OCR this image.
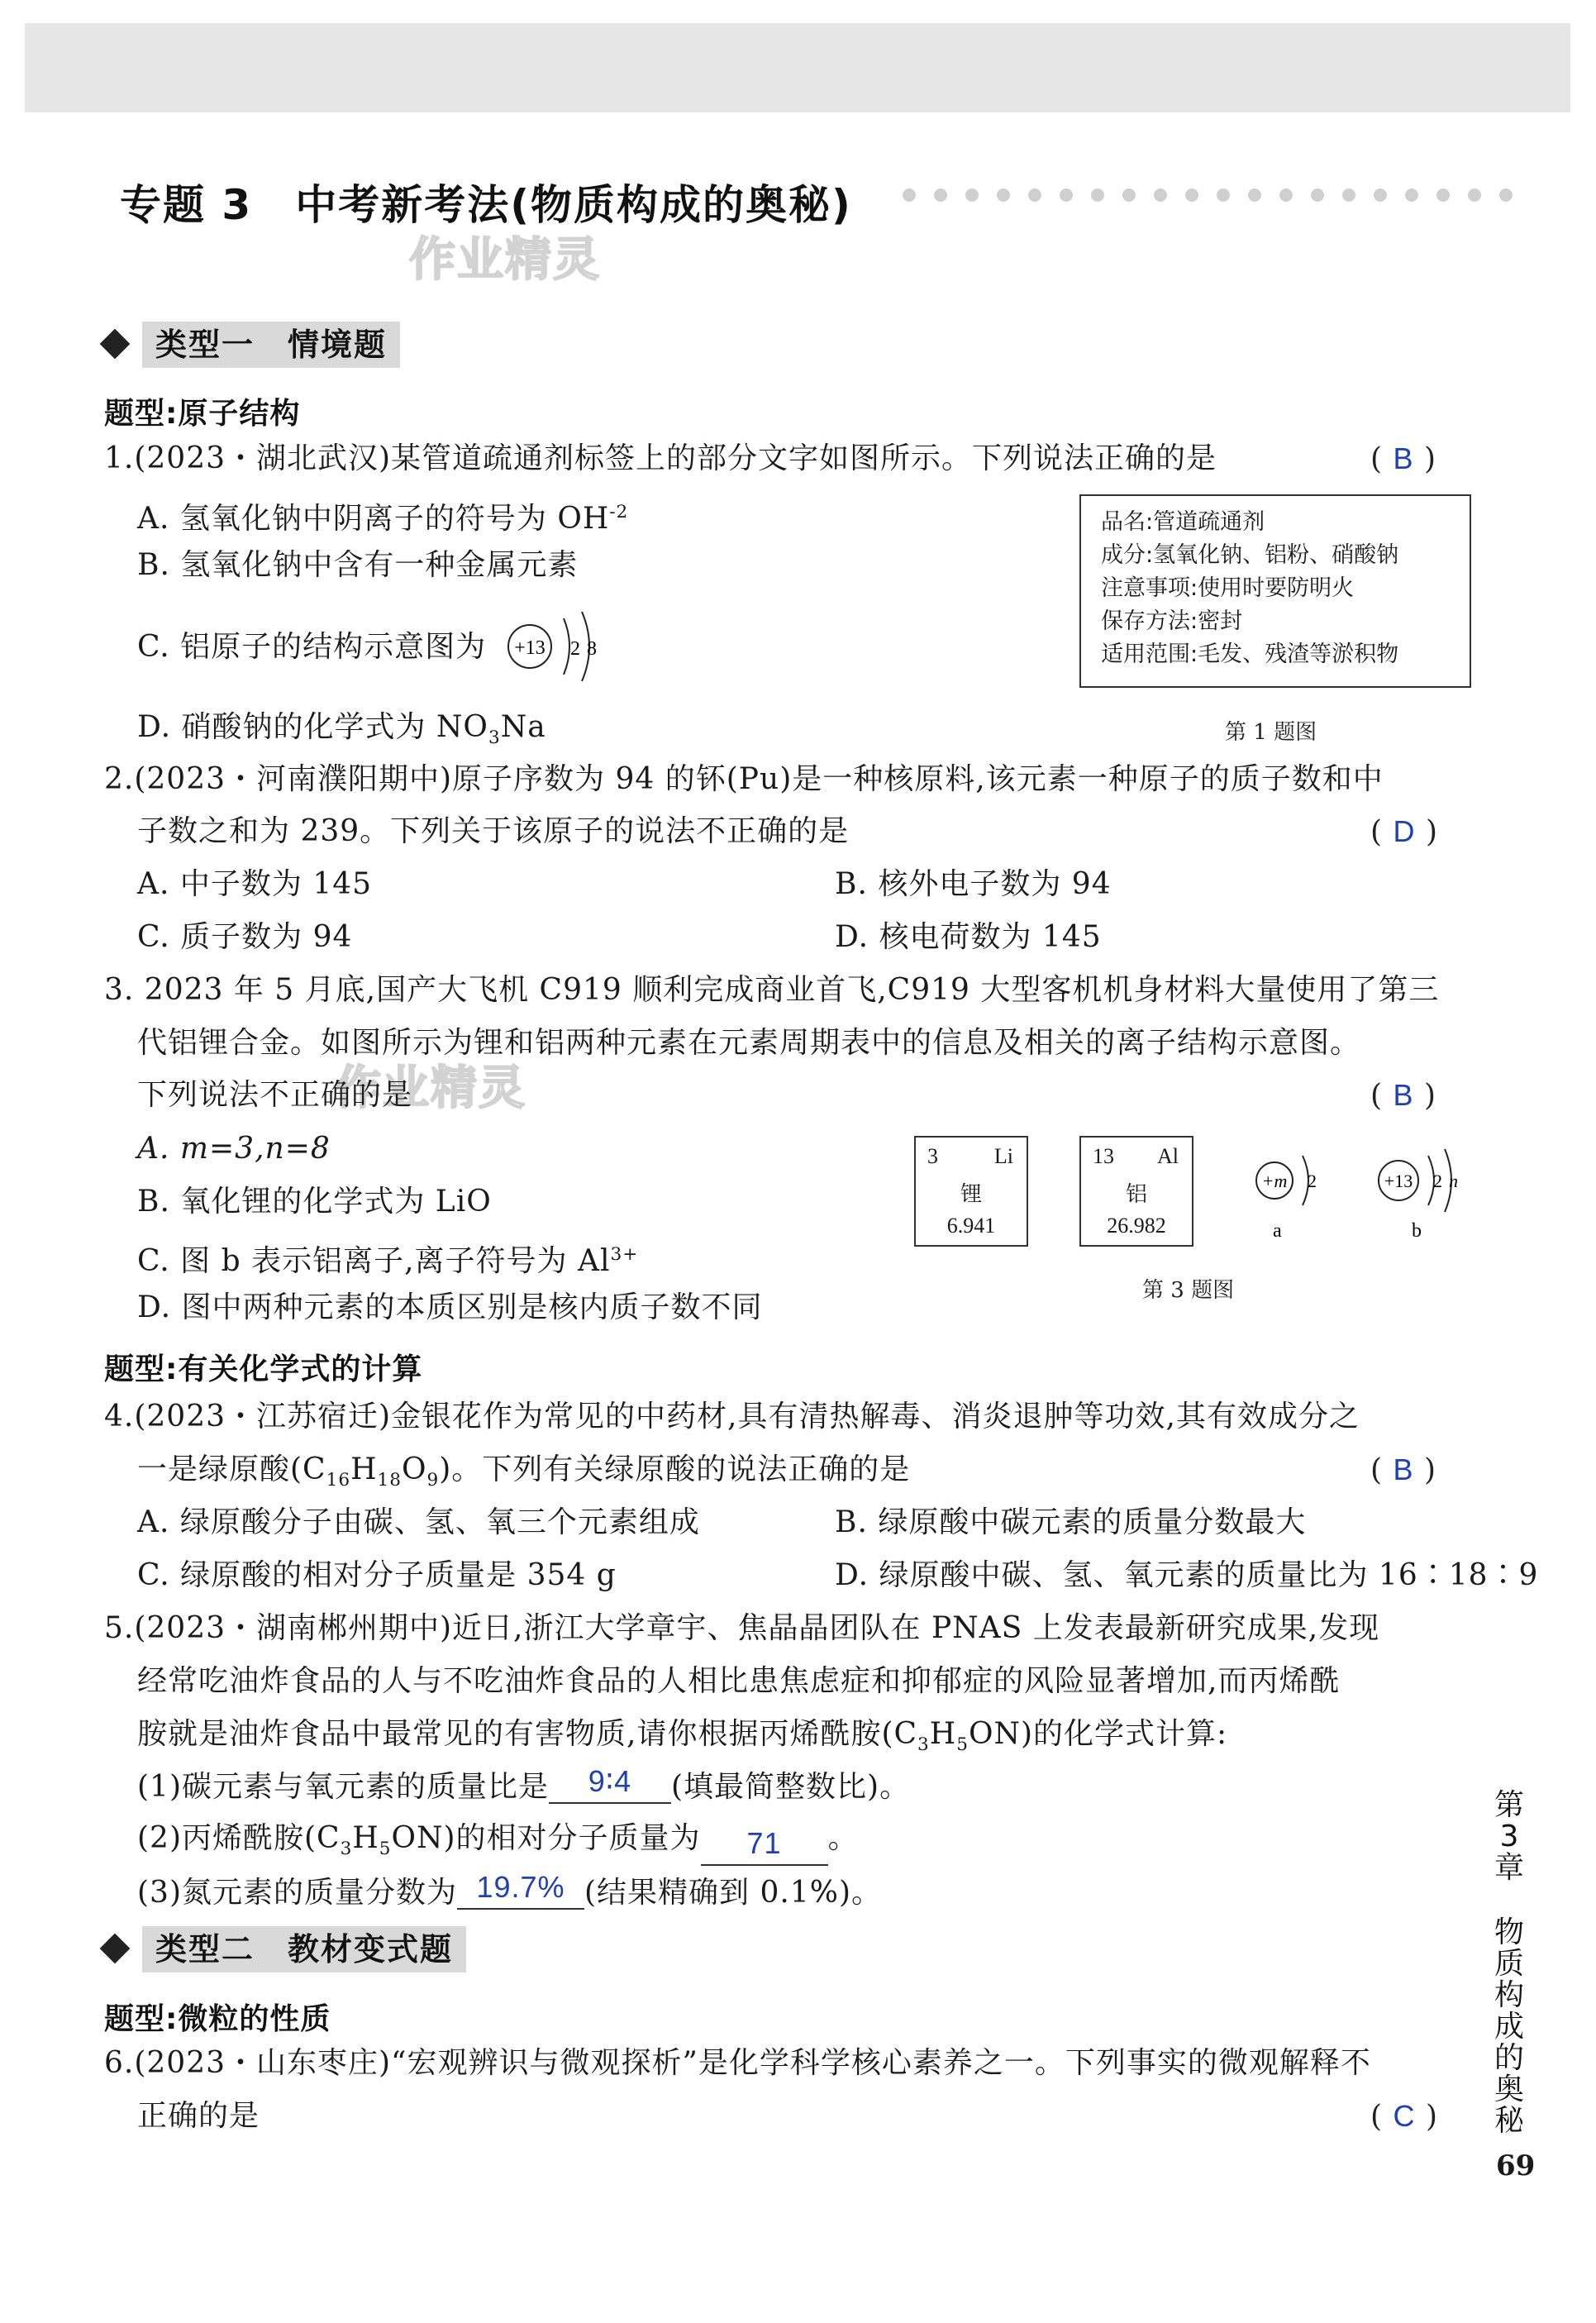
专题 3　中考新考法(物质构成的奥秘)
作业精灵
作业精灵
类型一　情境题
题型:原子结构
1.(2023・湖北武汉)某管道疏通剂标签上的部分文字如图所示。下列说法正确的是	( B )
A. 氢氧化钠中阴离子的符号为 $OH^{-2}$
B. 氢氧化钠中含有一种金属元素
C. 铝原子的结构示意图为 +13 2 8
D. 硝酸钠的化学式为 $NO_3Na$
品名:管道疏通剂
成分:氢氧化钠、铝粉、硝酸钠
注意事项:使用时要防明火
保存方法:密封
适用范围:毛发、残渣等淤积物
第 1 题图
2.(2023・河南濮阳期中)原子序数为 94 的钚(Pu)是一种核原料,该元素一种原子的质子数和中
子数之和为 239。下列关于该原子的说法不正确的是	( D )
A. 中子数为 145	B. 核外电子数为 94
C. 质子数为 94	D. 核电荷数为 145
3. 2023 年 5 月底,国产大飞机 C919 顺利完成商业首飞,C919 大型客机机身材料大量使用了第三
代铝锂合金。如图所示为锂和铝两种元素在元素周期表中的信息及相关的离子结构示意图。
下列说法不正确的是	( B )
A. m=3,n=8
B. 氧化锂的化学式为 LiO
C. 图 b 表示铝离子,离子符号为 $Al^{3+}$
D. 图中两种元素的本质区别是核内质子数不同
3	Li
锂
6.941
13 Al
铝
26.982
+m 2
a
+13 2 n
b
第 3 题图
题型:有关化学式的计算
4.(2023・江苏宿迁)金银花作为常见的中药材,具有清热解毒、消炎退肿等功效,其有效成分之
一是绿原酸$(C_{16}H_{18}O_9)$。下列有关绿原酸的说法正确的是	( B )
A. 绿原酸分子由碳、氢、氧三个元素组成	B. 绿原酸中碳元素的质量分数最大
C. 绿原酸的相对分子质量是 354 g	D. 绿原酸中碳、氢、氧元素的质量比为 16∶18∶9
5.(2023・湖南郴州期中)近日,浙江大学章宇、焦晶晶团队在 PNAS 上发表最新研究成果,发现
经常吃油炸食品的人与不吃油炸食品的人相比患焦虑症和抑郁症的风险显著增加,而丙烯酰
胺就是油炸食品中最常见的有害物质,请你根据丙烯酰胺$(C_3H_5ON)$的化学式计算:
(1)碳元素与氧元素的质量比是 9∶4 (填最简整数比)。
(2)丙烯酰胺$(C_3H_5ON)$的相对分子质量为 71 。
(3)氮元素的质量分数为 19.7% (结果精确到 0.1%)。
类型二　教材变式题
题型:微粒的性质
6.(2023・山东枣庄)“宏观辨识与微观探析”是化学科学核心素养之一。下列事实的微观解释不
正确的是	( C )
第
3
章
物
质
构
成
的
奥
秘
69
